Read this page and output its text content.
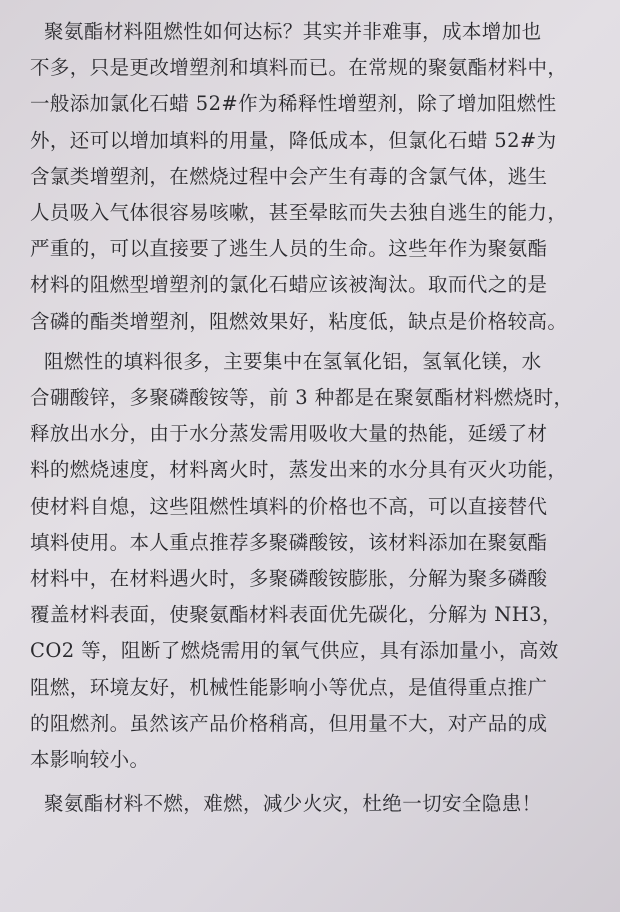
聚氨酯材料阻燃性如何达标？其实并非难事，成本增加也
不多，只是更改增塑剂和填料而已。在常规的聚氨酯材料中，
一般添加氯化石蜡 52#作为稀释性增塑剂，除了增加阻燃性
外，还可以增加填料的用量，降低成本，但氯化石蜡 52#为
含氯类增塑剂，在燃烧过程中会产生有毒的含氯气体，逃生
人员吸入气体很容易咳嗽，甚至晕眩而失去独自逃生的能力，
严重的，可以直接要了逃生人员的生命。这些年作为聚氨酯
材料的阻燃型增塑剂的氯化石蜡应该被淘汰。取而代之的是
含磷的酯类增塑剂，阻燃效果好，粘度低，缺点是价格较高。

阻燃性的填料很多，主要集中在氢氧化铝，氢氧化镁，水
合硼酸锌，多聚磷酸铵等，前 3 种都是在聚氨酯材料燃烧时，
释放出水分，由于水分蒸发需用吸收大量的热能，延缓了材
料的燃烧速度，材料离火时，蒸发出来的水分具有灭火功能，
使材料自熄，这些阻燃性填料的价格也不高，可以直接替代
填料使用。本人重点推荐多聚磷酸铵，该材料添加在聚氨酯
材料中，在材料遇火时，多聚磷酸铵膨胀，分解为聚多磷酸
覆盖材料表面，使聚氨酯材料表面优先碳化，分解为 NH3，
CO2 等，阻断了燃烧需用的氧气供应，具有添加量小，高效
阻燃，环境友好，机械性能影响小等优点，是值得重点推广
的阻燃剂。虽然该产品价格稍高，但用量不大，对产品的成
本影响较小。

聚氨酯材料不燃，难燃，减少火灾，杜绝一切安全隐患！
